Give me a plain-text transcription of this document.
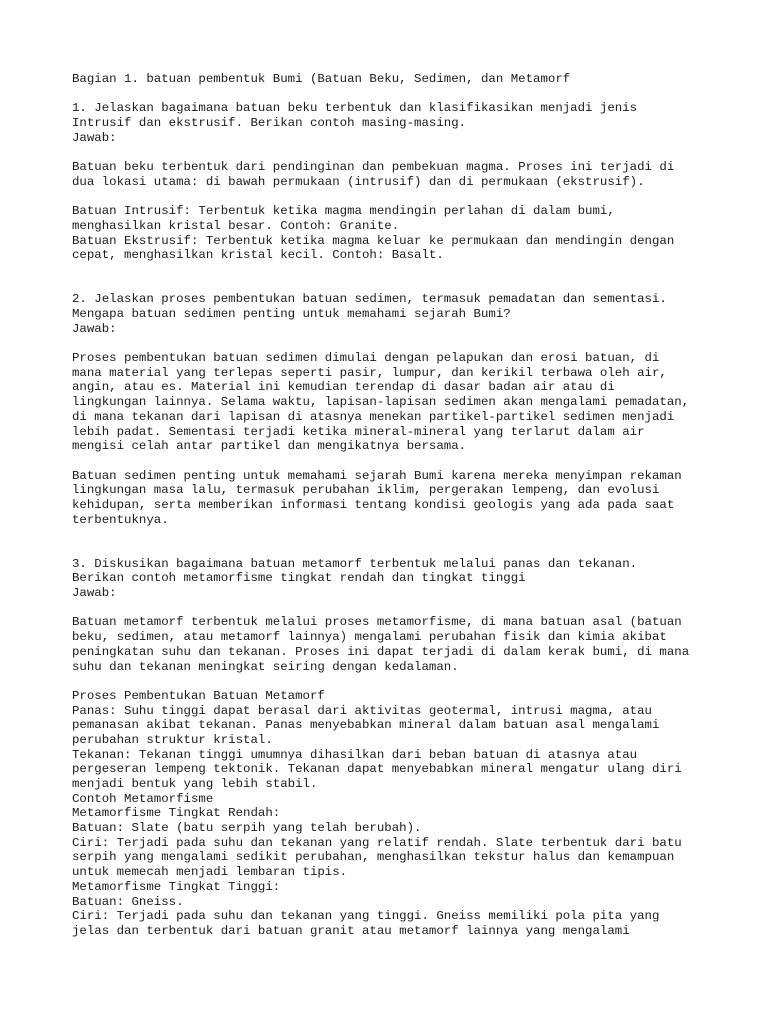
Bagian 1. batuan pembentuk Bumi (Batuan Beku, Sedimen, dan Metamorf
1. Jelaskan bagaimana batuan beku terbentuk dan klasifikasikan menjadi jenis
Intrusif dan ekstrusif. Berikan contoh masing-masing.
Jawab:
Batuan beku terbentuk dari pendinginan dan pembekuan magma. Proses ini terjadi di
dua lokasi utama: di bawah permukaan (intrusif) dan di permukaan (ekstrusif).
Batuan Intrusif: Terbentuk ketika magma mendingin perlahan di dalam bumi,
menghasilkan kristal besar. Contoh: Granite.
Batuan Ekstrusif: Terbentuk ketika magma keluar ke permukaan dan mendingin dengan
cepat, menghasilkan kristal kecil. Contoh: Basalt.
2. Jelaskan proses pembentukan batuan sedimen, termasuk pemadatan dan sementasi.
Mengapa batuan sedimen penting untuk memahami sejarah Bumi?
Jawab:
Proses pembentukan batuan sedimen dimulai dengan pelapukan dan erosi batuan, di
mana material yang terlepas seperti pasir, lumpur, dan kerikil terbawa oleh air,
angin, atau es. Material ini kemudian terendap di dasar badan air atau di
lingkungan lainnya. Selama waktu, lapisan-lapisan sedimen akan mengalami pemadatan,
di mana tekanan dari lapisan di atasnya menekan partikel-partikel sedimen menjadi
lebih padat. Sementasi terjadi ketika mineral-mineral yang terlarut dalam air
mengisi celah antar partikel dan mengikatnya bersama.
Batuan sedimen penting untuk memahami sejarah Bumi karena mereka menyimpan rekaman
lingkungan masa lalu, termasuk perubahan iklim, pergerakan lempeng, dan evolusi
kehidupan, serta memberikan informasi tentang kondisi geologis yang ada pada saat
terbentuknya.
3. Diskusikan bagaimana batuan metamorf terbentuk melalui panas dan tekanan.
Berikan contoh metamorfisme tingkat rendah dan tingkat tinggi
Jawab:
Batuan metamorf terbentuk melalui proses metamorfisme, di mana batuan asal (batuan
beku, sedimen, atau metamorf lainnya) mengalami perubahan fisik dan kimia akibat
peningkatan suhu dan tekanan. Proses ini dapat terjadi di dalam kerak bumi, di mana
suhu dan tekanan meningkat seiring dengan kedalaman.
Proses Pembentukan Batuan Metamorf
Panas: Suhu tinggi dapat berasal dari aktivitas geotermal, intrusi magma, atau
pemanasan akibat tekanan. Panas menyebabkan mineral dalam batuan asal mengalami
perubahan struktur kristal.
Tekanan: Tekanan tinggi umumnya dihasilkan dari beban batuan di atasnya atau
pergeseran lempeng tektonik. Tekanan dapat menyebabkan mineral mengatur ulang diri
menjadi bentuk yang lebih stabil.
Contoh Metamorfisme
Metamorfisme Tingkat Rendah:
Batuan: Slate (batu serpih yang telah berubah).
Ciri: Terjadi pada suhu dan tekanan yang relatif rendah. Slate terbentuk dari batu
serpih yang mengalami sedikit perubahan, menghasilkan tekstur halus dan kemampuan
untuk memecah menjadi lembaran tipis.
Metamorfisme Tingkat Tinggi:
Batuan: Gneiss.
Ciri: Terjadi pada suhu dan tekanan yang tinggi. Gneiss memiliki pola pita yang
jelas dan terbentuk dari batuan granit atau metamorf lainnya yang mengalami
